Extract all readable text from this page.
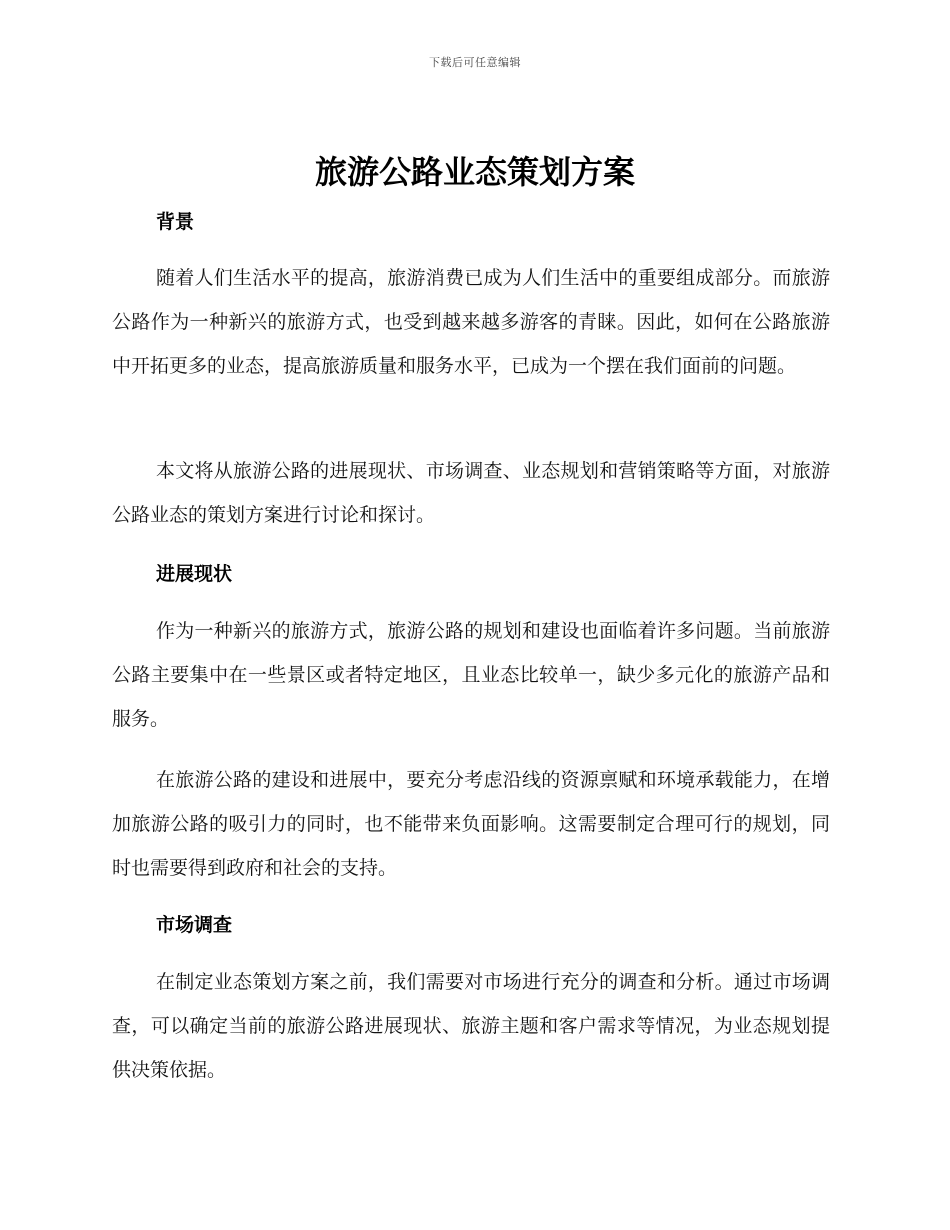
下载后可任意编辑
旅游公路业态策划方案
背景

随着人们生活水平的提高，旅游消费已成为人们生活中的重要组成部分。而旅游公路作为一种新兴的旅游方式，也受到越来越多游客的青睐。因此，如何在公路旅游中开拓更多的业态，提高旅游质量和服务水平，已成为一个摆在我们面前的问题。

本文将从旅游公路的进展现状、市场调查、业态规划和营销策略等方面，对旅游公路业态的策划方案进行讨论和探讨。

进展现状

作为一种新兴的旅游方式，旅游公路的规划和建设也面临着许多问题。当前旅游公路主要集中在一些景区或者特定地区，且业态比较单一，缺少多元化的旅游产品和服务。

在旅游公路的建设和进展中，要充分考虑沿线的资源禀赋和环境承载能力，在增加旅游公路的吸引力的同时，也不能带来负面影响。这需要制定合理可行的规划，同时也需要得到政府和社会的支持。

市场调查

在制定业态策划方案之前，我们需要对市场进行充分的调查和分析。通过市场调查，可以确定当前的旅游公路进展现状、旅游主题和客户需求等情况，为业态规划提供决策依据。
